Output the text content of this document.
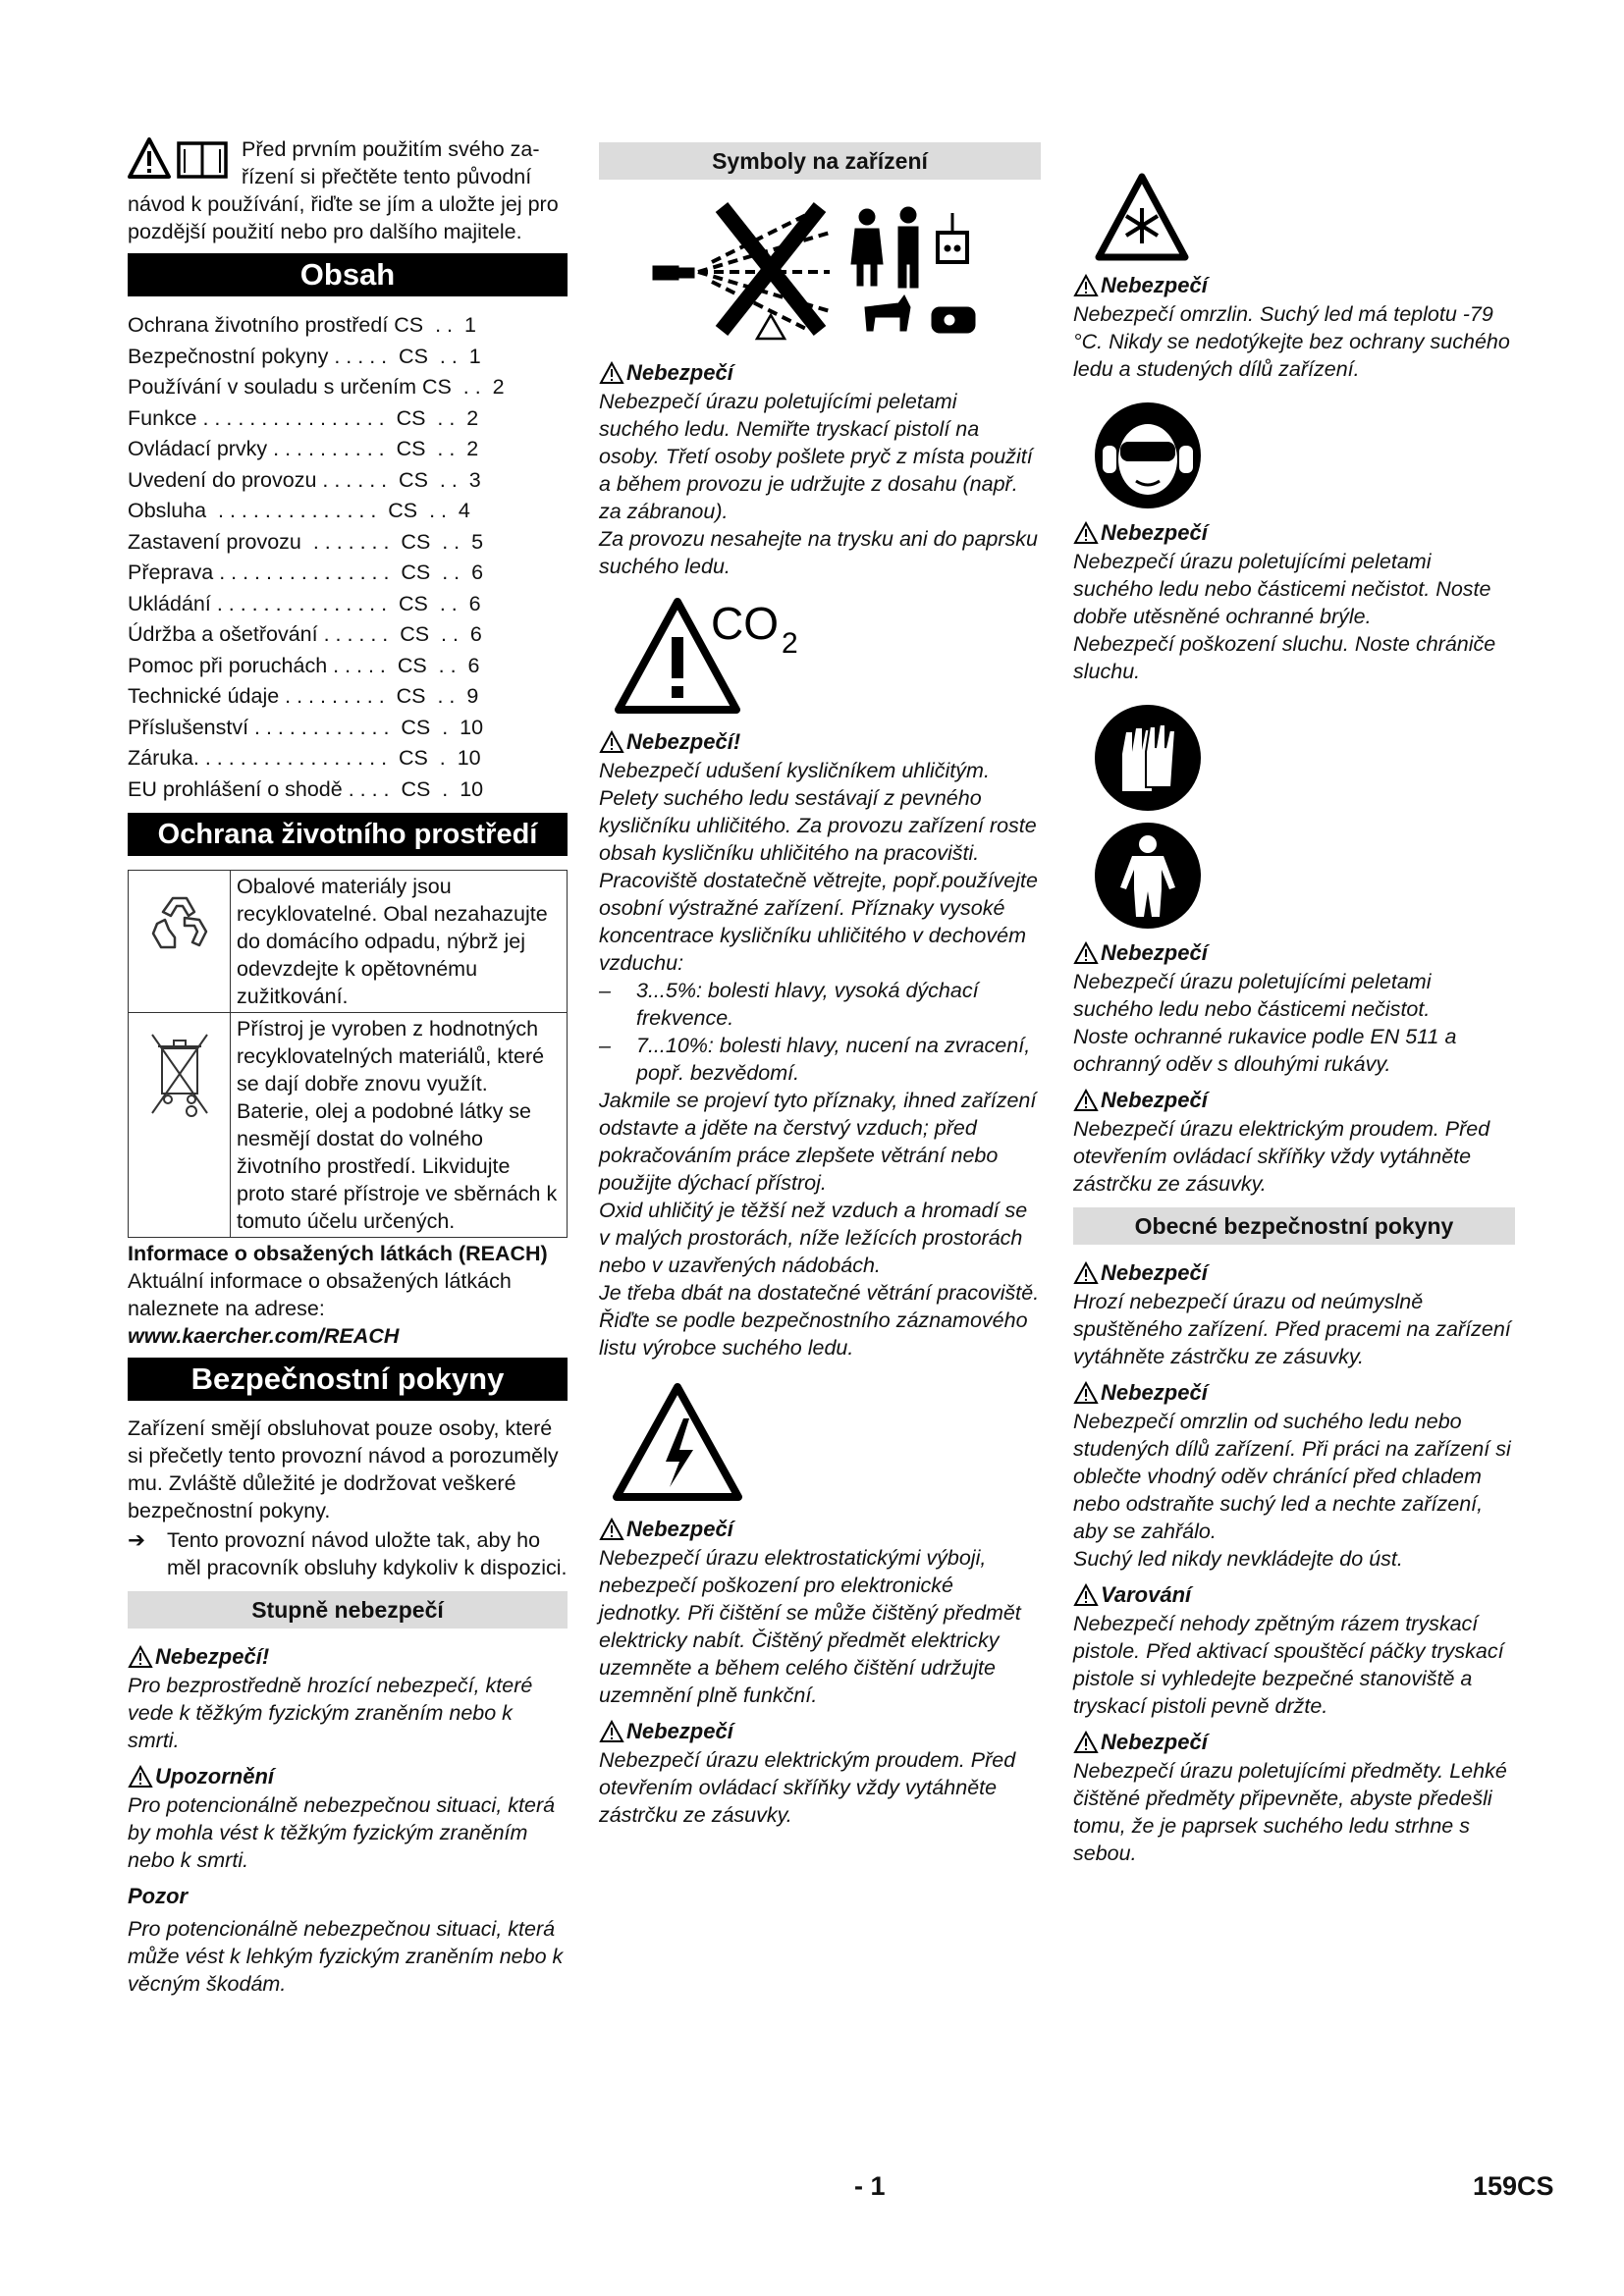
Před prvním použitím svého za-

řízení si přečtěte tento původní

návod k používání, řiďte se jím a uložte jej pro pozdější použití nebo pro dalšího majitele.

Obsah
Ochrana životního prostředí CS  . .  1
Bezpečnostní pokyny . . . . .  CS  . .  1
Používání v souladu s určením CS  . .  2
Funkce . . . . . . . . . . . . . . . .  CS  . .  2
Ovládací prvky . . . . . . . . . .  CS  . .  2
Uvedení do provozu . . . . . .  CS  . .  3
Obsluha  . . . . . . . . . . . . . .  CS  . .  4
Zastavení provozu  . . . . . . .  CS  . .  5
Přeprava . . . . . . . . . . . . . . .  CS  . .  6
Ukládání . . . . . . . . . . . . . . .  CS  . .  6
Údržba a ošetřování . . . . . .  CS  . .  6
Pomoc při poruchách . . . . .  CS  . .  6
Technické údaje . . . . . . . . .  CS  . .  9
Příslušenství . . . . . . . . . . . .  CS  .  10
Záruka. . . . . . . . . . . . . . . . .  CS  .  10
EU prohlášení o shodě . . . .  CS  .  10
Ochrana životního prostředí
Obalové materiály jsou recyklovatelné. Obal nezahazujte do domácího odpadu, nýbrž jej odevzdejte k opětovnému zužitkování.
Přístroj je vyroben z hodnotných recyklovatelných materiálů, které se dají dobře znovu využít. Baterie, olej a podobné látky se nesmějí dostat do volného životního prostředí. Likvidujte proto staré přístroje ve sběrnách k tomuto účelu určených.

Informace o obsažených látkách (REACH)

Aktuální informace o obsažených látkách naleznete na adrese:

www.kaercher.com/REACH

Bezpečnostní pokyny

Zařízení smějí obsluhovat pouze osoby, které si přečetly tento provozní návod a porozuměly mu. Zvláště důležité je dodržovat veškeré bezpečnostní pokyny.

➔	Tento provozní návod uložte tak, aby ho měl pracovník obsluhy kdykoliv k dispozici.
Stupně nebezpečí
Nebezpečí!

Pro bezprostředně hrozící nebezpečí, které vede k těžkým fyzickým zraněním nebo k smrti.

Upozornění

Pro potencionálně nebezpečnou situaci, která by mohla vést k těžkým fyzickým zraněním nebo k smrti.

Pozor

Pro potencionálně nebezpečnou situaci, která může vést k lehkým fyzickým zraněním nebo k věcným škodám.

Symboly na zařízení
Nebezpečí

Nebezpečí úrazu poletujícími peletami suchého ledu. Nemiřte tryskací pistolí na osoby. Třetí osoby pošlete pryč z místa použití a během provozu je udržujte z dosahu (např. za zábranou).

Za provozu nesahejte na trysku ani do paprsku suchého ledu.

CO 2
Nebezpečí!

Nebezpečí udušení kysličníkem uhličitým. Pelety suchého ledu sestávají z pevného kysličníku uhličitého. Za provozu zařízení roste obsah kysličníku uhličitého na pracovišti. Pracoviště dostatečně větrejte, popř.používejte osobní výstražné zařízení. Příznaky vysoké koncentrace kysličníku uhličitého v dechovém vzduchu:

–	3...5%: bolesti hlavy, vysoká dýchací frekvence.
–	7...10%: bolesti hlavy, nucení na zvracení, popř. bezvědomí.

Jakmile se projeví tyto příznaky, ihned zařízení odstavte a jděte na čerstvý vzduch; před pokračováním práce zlepšete větrání nebo použijte dýchací přístroj.

Oxid uhličitý je těžší než vzduch a hromadí se v malých prostorách, níže ležících prostorách nebo v uzavřených nádobách.

Je třeba dbát na dostatečné větrání pracoviště.

Řiďte se podle bezpečnostního záznamového listu výrobce suchého ledu.

Nebezpečí

Nebezpečí úrazu elektrostatickými výboji, nebezpečí poškození pro elektronické jednotky. Při čištění se může čištěný předmět elektricky nabít. Čištěný předmět elektricky uzemněte a během celého čištění udržujte uzemnění plně funkční.

Nebezpečí

Nebezpečí úrazu elektrickým proudem. Před otevřením ovládací skříňky vždy vytáhněte zástrčku ze zásuvky.

Nebezpečí

Nebezpečí omrzlin. Suchý led má teplotu -79 °C. Nikdy se nedotýkejte bez ochrany suchého ledu a studených dílů zařízení.

Nebezpečí

Nebezpečí úrazu poletujícími peletami suchého ledu nebo částicemi nečistot. Noste dobře utěsněné ochranné brýle.

Nebezpečí poškození sluchu. Noste chrániče sluchu.

Nebezpečí

Nebezpečí úrazu poletujícími peletami suchého ledu nebo částicemi nečistot.

Noste ochranné rukavice podle EN 511 a ochranný oděv s dlouhými rukávy.

Nebezpečí

Nebezpečí úrazu elektrickým proudem. Před otevřením ovládací skříňky vždy vytáhněte zástrčku ze zásuvky.

Obecné bezpečnostní pokyny
Nebezpečí

Hrozí nebezpečí úrazu od neúmyslně spuštěného zařízení. Před pracemi na zařízení vytáhněte zástrčku ze zásuvky.

Nebezpečí

Nebezpečí omrzlin od suchého ledu nebo studených dílů zařízení. Při práci na zařízení si oblečte vhodný oděv chránící před chladem nebo odstraňte suchý led a nechte zařízení, aby se zahřálo.

Suchý led nikdy nevkládejte do úst.

Varování

Nebezpečí nehody zpětným rázem tryskací pistole. Před aktivací spouštěcí páčky tryskací pistole si vyhledejte bezpečné stanoviště a tryskací pistoli pevně držte.

Nebezpečí

Nebezpečí úrazu poletujícími předměty. Lehké čištěné předměty připevněte, abyste předešli tomu, že je paprsek suchého ledu strhne s sebou.

- 1	159CS
